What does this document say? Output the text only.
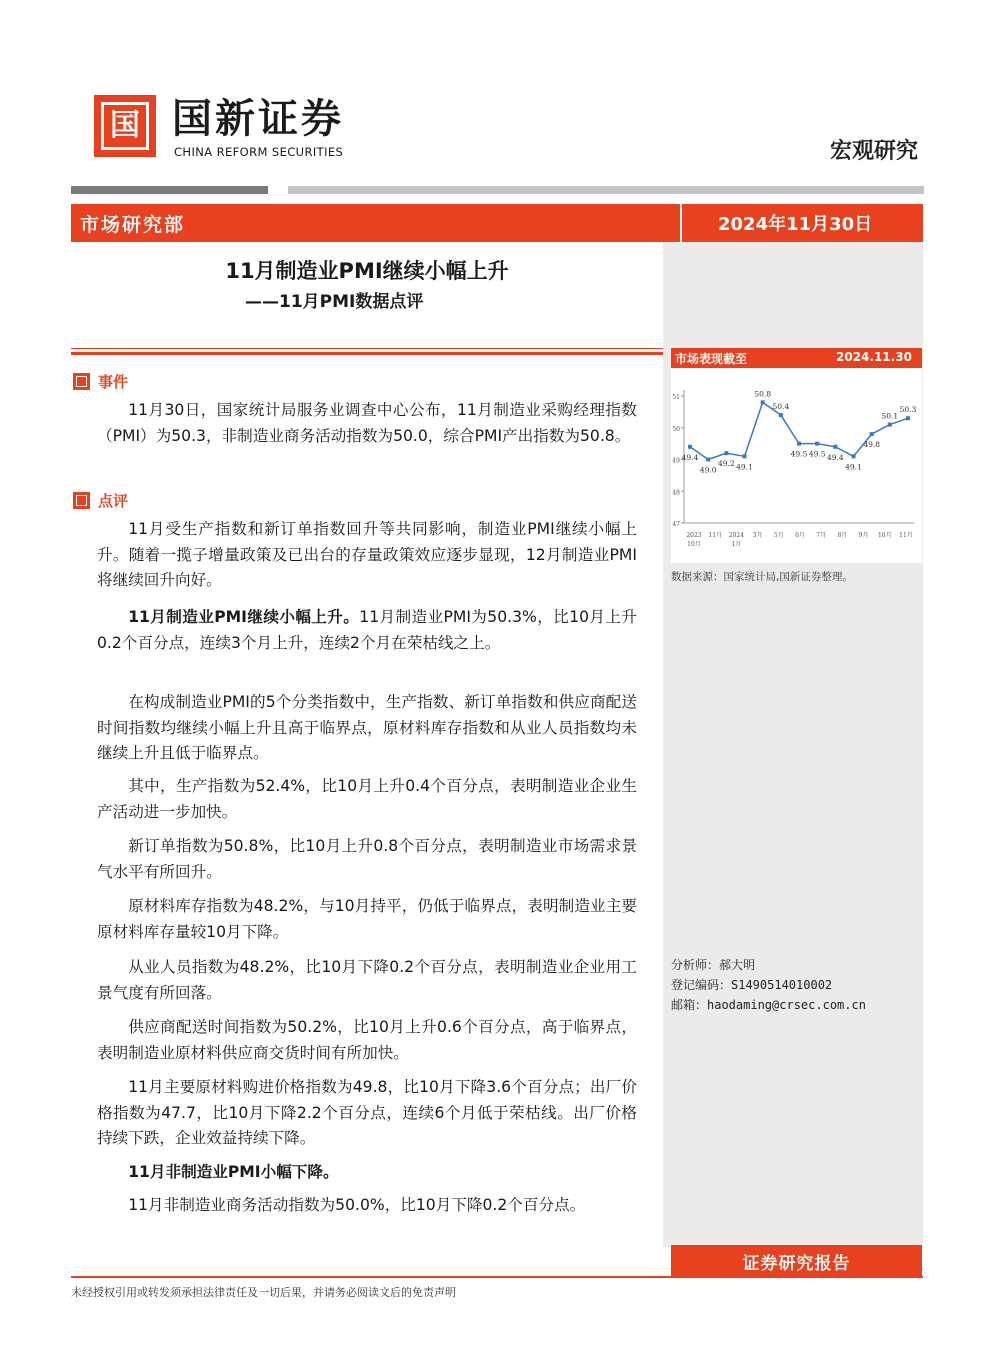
国 国新证券
CHINA REFORM SECURITIES	宏观研究
市场研究部	2024年11月30日
11月制造业PMI继续小幅上升
——11月PMI数据点评
事件

11月30日，国家统计局服务业调查中心公布，11月制造业采购经理指数（PMI）为50.3，非制造业商务活动指数为50.0，综合PMI产出指数为50.8。

点评

11月受生产指数和新订单指数回升等共同影响，制造业PMI继续小幅上升。随着一揽子增量政策及已出台的存量政策效应逐步显现，12月制造业PMI将继续回升向好。

11月制造业PMI继续小幅上升。11月制造业PMI为50.3%，比10月上升0.2个百分点，连续3个月上升，连续2个月在荣枯线之上。

在构成制造业PMI的5个分类指数中，生产指数、新订单指数和供应商配送时间指数均继续小幅上升且高于临界点，原材料库存指数和从业人员指数均未继续上升且低于临界点。

其中，生产指数为52.4%，比10月上升0.4个百分点，表明制造业企业生产活动进一步加快。

新订单指数为50.8%，比10月上升0.8个百分点，表明制造业市场需求景气水平有所回升。

原材料库存指数为48.2%，与10月持平，仍低于临界点，表明制造业主要原材料库存量较10月下降。

从业人员指数为48.2%，比10月下降0.2个百分点，表明制造业企业用工景气度有所回落。

供应商配送时间指数为50.2%，比10月上升0.6个百分点，高于临界点，表明制造业原材料供应商交货时间有所加快。

11月主要原材料购进价格指数为49.8，比10月下降3.6个百分点；出厂价格指数为47.7，比10月下降2.2个百分点，连续6个月低于荣枯线。出厂价格持续下跌，企业效益持续下降。

11月非制造业PMI小幅下降。

11月非制造业商务活动指数为50.0%，比10月下降0.2个百分点。

市场表现截至	2024.11.30
47
48
49
50
51
2023
10月
11月 2024
1月
3月 5月 6月 7月 8月 9月 10月 11月
49.4
49.0
49.2 49.1
50.8
50.4
49.5 49.5 49.4
49.1
49.8
50.1
50.3
数据来源：国家统计局,国新证券整理。
分析师：郝大明
登记编码：S1490514010002
邮箱：haodaming@crsec.com.cn
证券研究报告
未经授权引用或转发须承担法律责任及一切后果，并请务必阅读文后的免责声明
